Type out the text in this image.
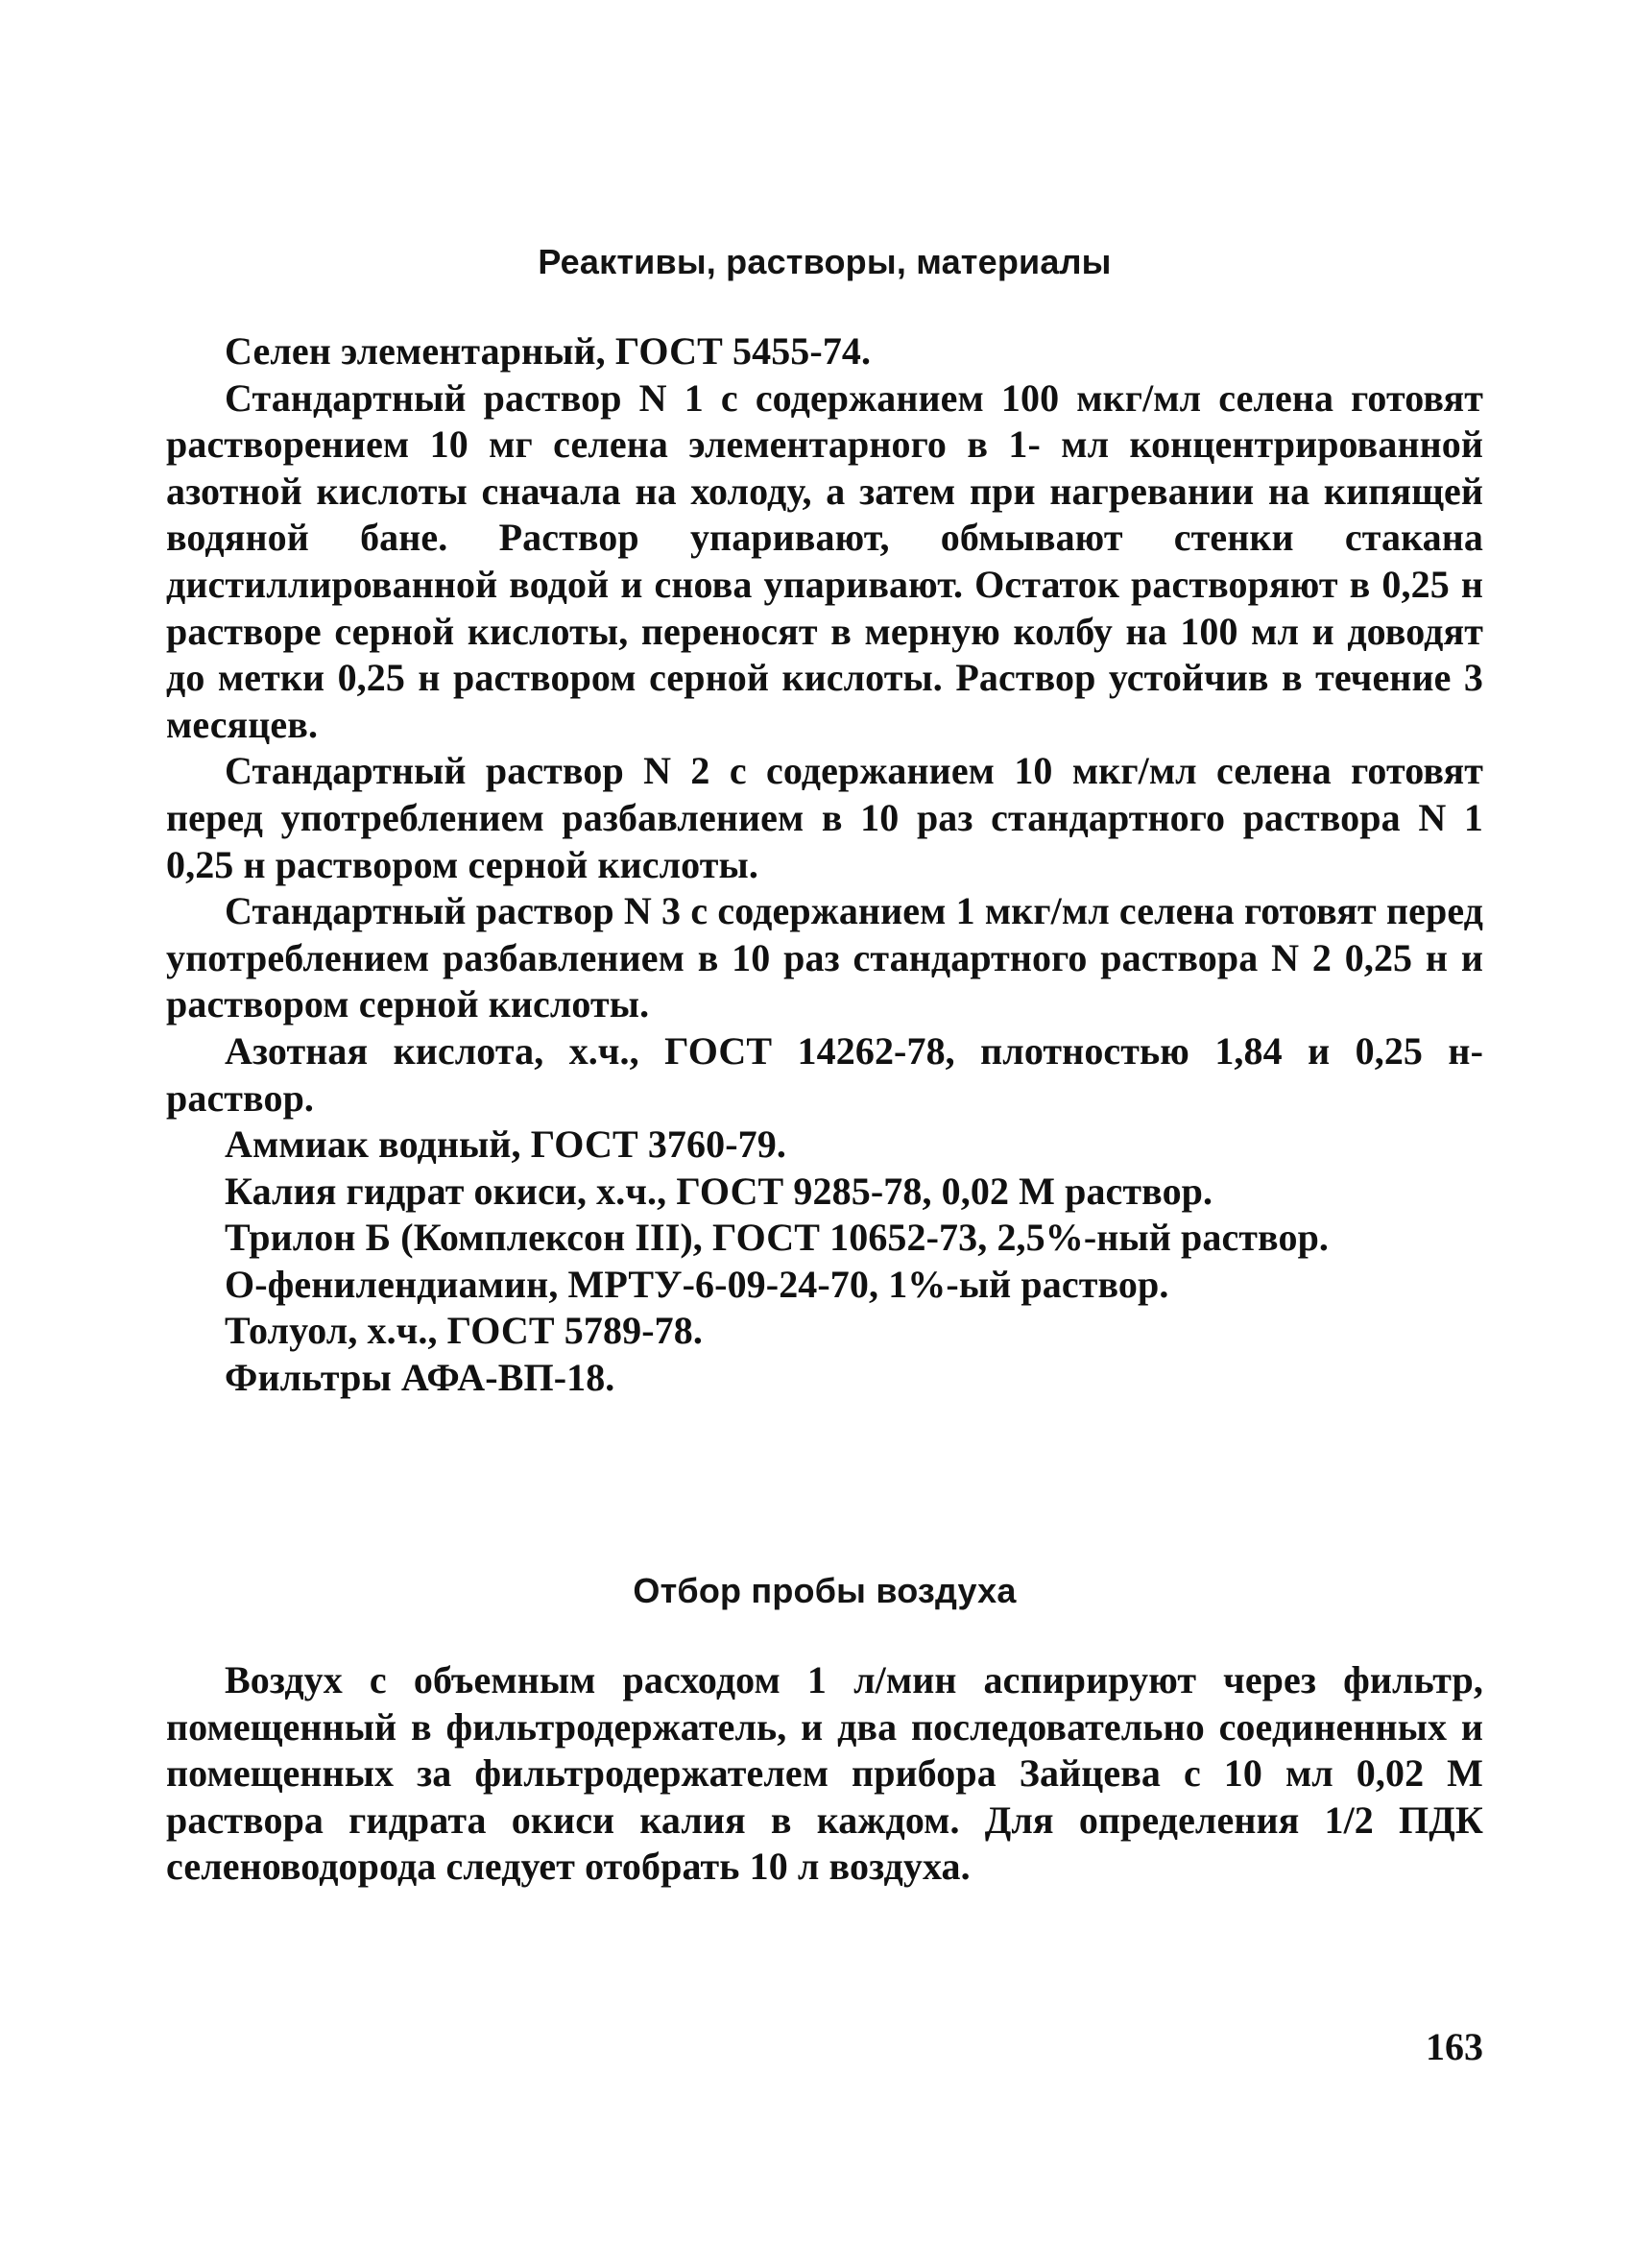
Реактивы, растворы, материалы

Селен элементарный, ГОСТ 5455-74.

Стандартный раствор N 1 с содержанием 100 мкг/мл селена готовят растворением 10 мг селена элементарного в 1- мл концентрированной азотной кислоты сначала на холоду, а затем при нагревании на кипящей водяной бане. Раствор упаривают, обмывают стенки стакана дистиллированной водой и снова упаривают. Остаток растворяют в 0,25 н растворе серной кислоты, переносят в мерную колбу на 100 мл и доводят до метки 0,25 н раствором серной кислоты. Раствор устойчив в течение 3 месяцев.

Стандартный раствор N 2 с содержанием 10 мкг/мл селена готовят перед употреблением разбавлением в 10 раз стандартного раствора N 1 0,25 н раствором серной кислоты.

Стандартный раствор N 3 с содержанием 1 мкг/мл селена готовят перед употреблением разбавлением в 10 раз стандартного раствора N 2 0,25 н и раствором серной кислоты.

Азотная кислота, х.ч., ГОСТ 14262-78, плотностью 1,84 и 0,25 н-раствор.

Аммиак водный, ГОСТ 3760-79.

Калия гидрат окиси, х.ч., ГОСТ 9285-78, 0,02 М раствор.

Трилон Б (Комплексон III), ГОСТ 10652-73, 2,5%-ный раствор.

О-фенилендиамин, МРТУ-6-09-24-70, 1%-ый раствор.

Толуол, х.ч., ГОСТ 5789-78.

Фильтры АФА-ВП-18.

Отбор пробы воздуха

Воздух с объемным расходом 1 л/мин аспирируют через фильтр, помещенный в фильтродержатель, и два последовательно соединенных и помещенных за фильтродержателем прибора Зайцева с 10 мл 0,02 М раствора гидрата окиси калия в каждом. Для определения 1/2 ПДК селеноводорода следует отобрать 10 л воздуха.

163
